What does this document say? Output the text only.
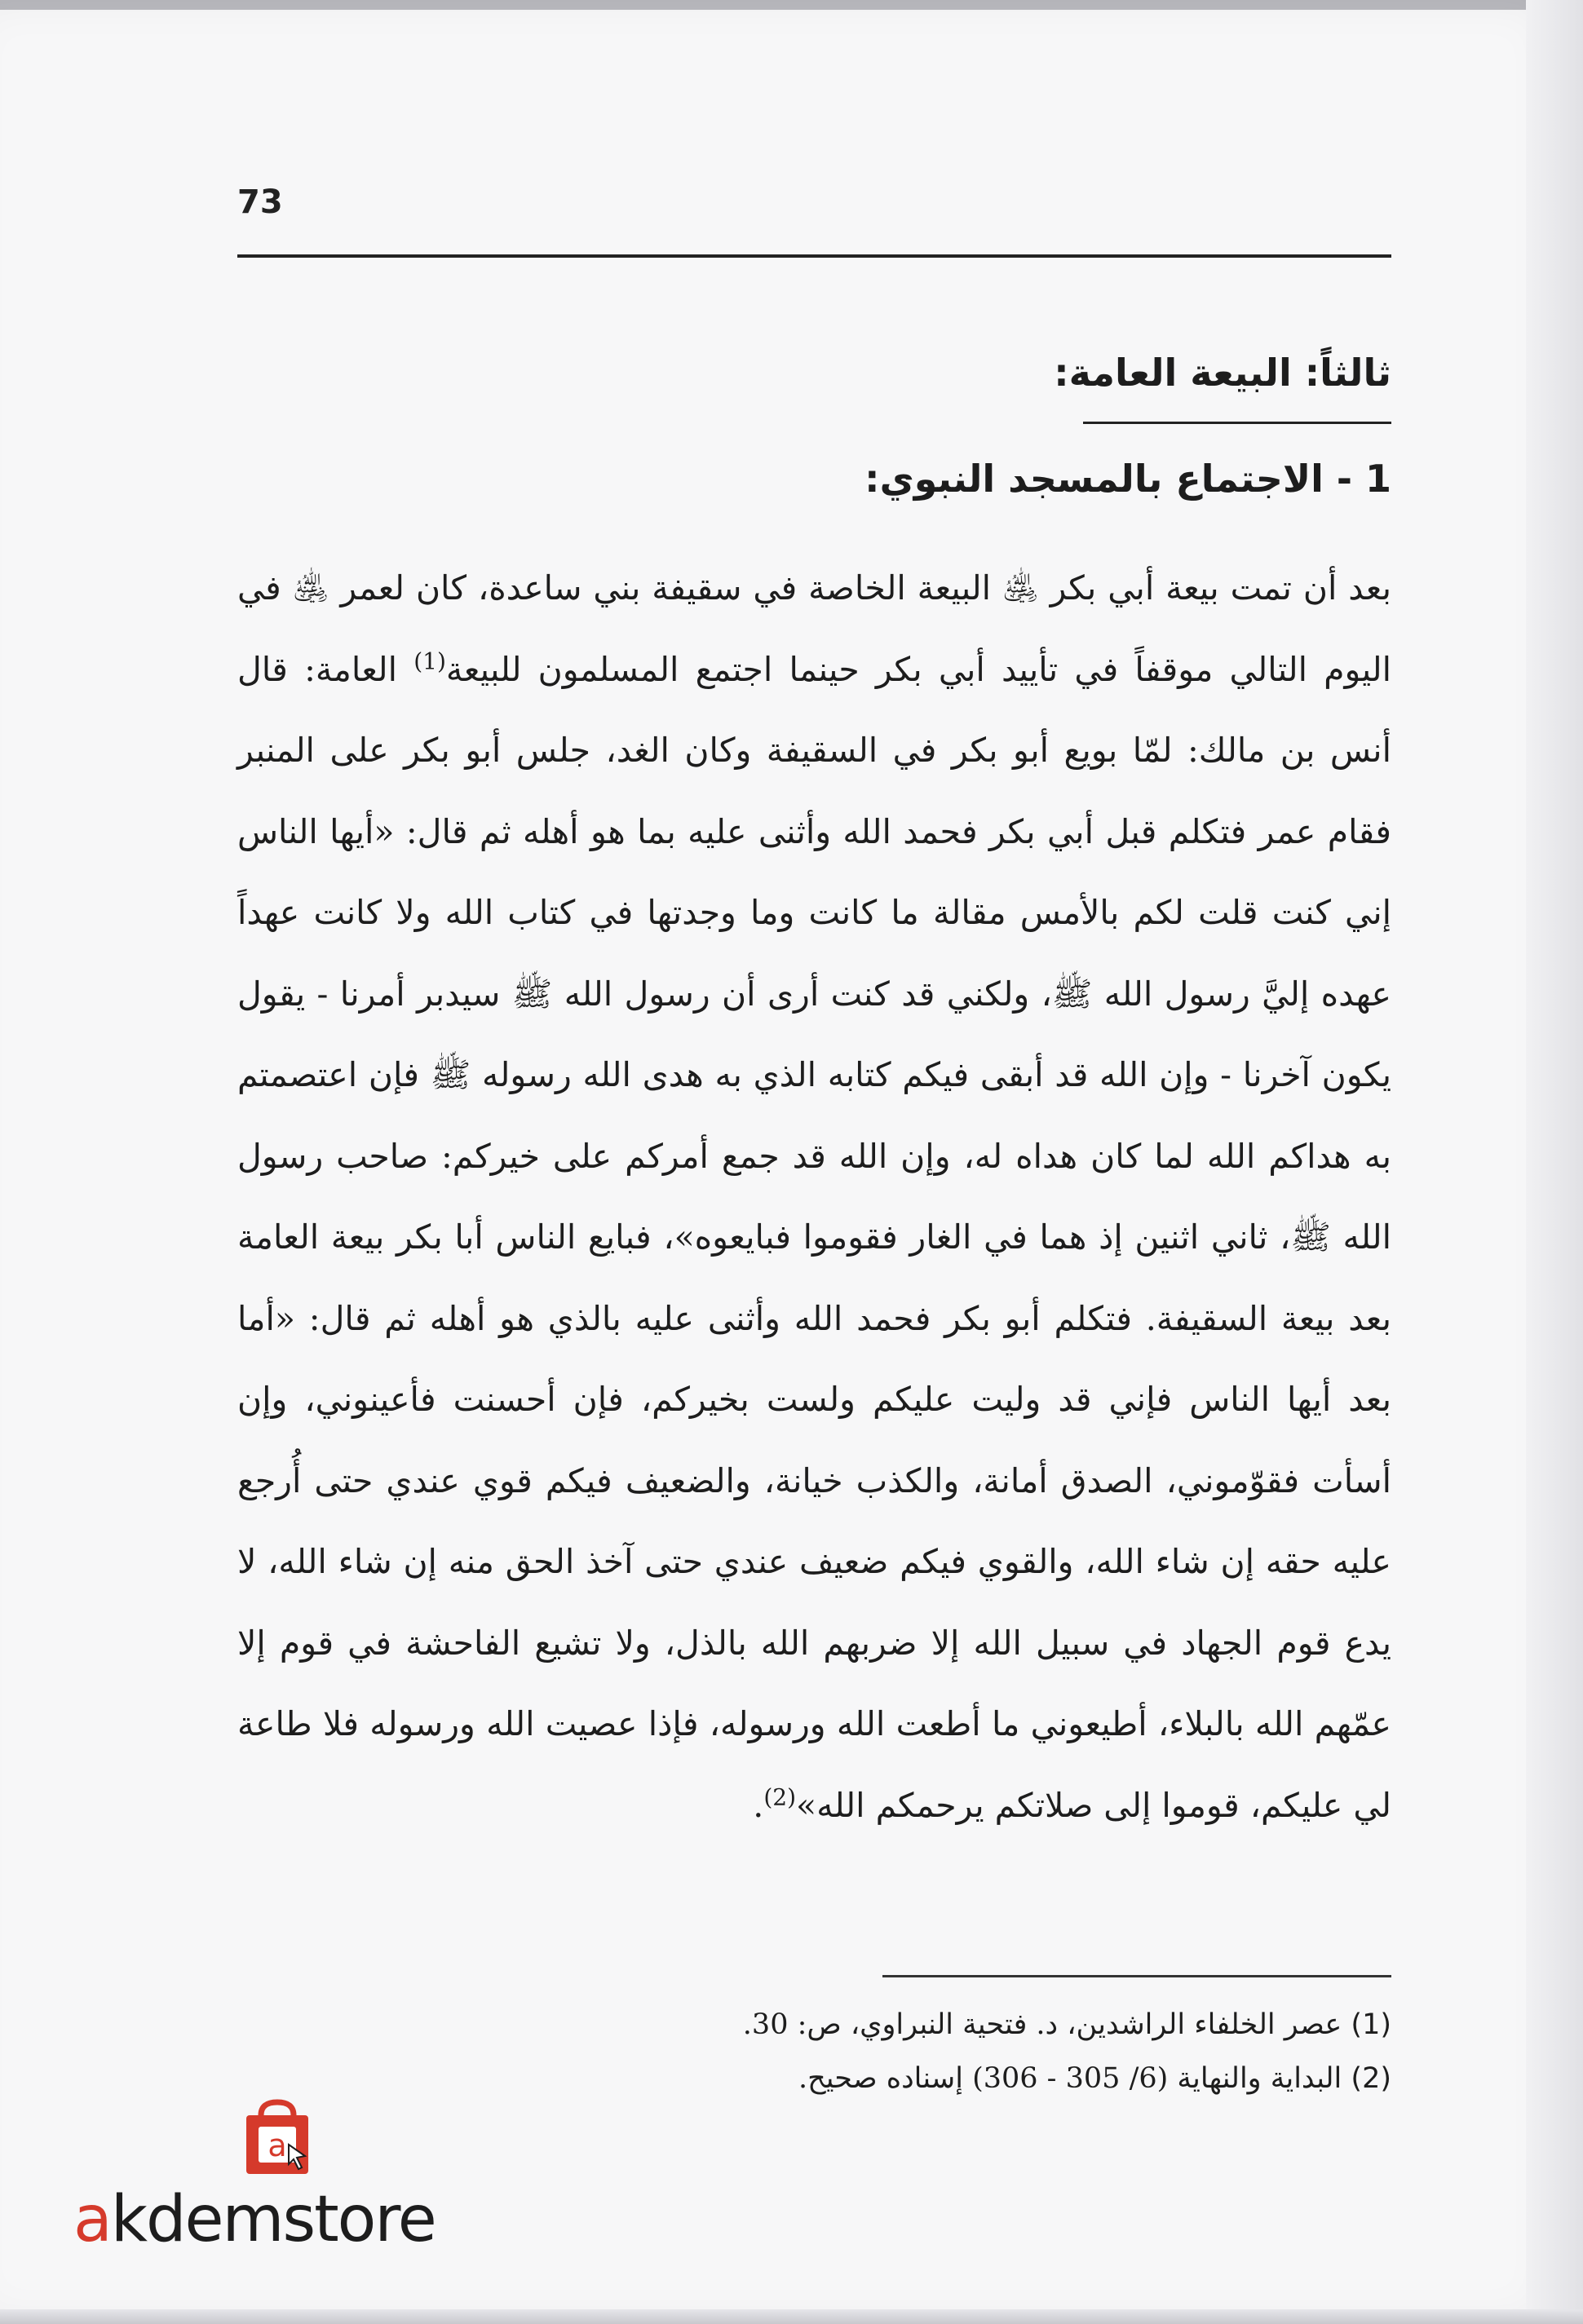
73
ثالثاً: البيعة العامة:
1 - الاجتماع بالمسجد النبوي:
بعد أن تمت بيعة أبي بكر ﵁ البيعة الخاصة في سقيفة بني ساعدة، كان لعمر ﵁ في اليوم التالي موقفاً في تأييد أبي بكر حينما اجتمع المسلمون للبيعة$^{(1)}$ العامة: قال أنس بن مالك: لمّا بويع أبو بكر في السقيفة وكان الغد، جلس أبو بكر على المنبر فقام عمر فتكلم قبل أبي بكر فحمد الله وأثنى عليه بما هو أهله ثم قال: «أيها الناس إني كنت قلت لكم بالأمس مقالة ما كانت وما وجدتها في كتاب الله ولا كانت عهداً عهده إليَّ رسول الله ﷺ، ولكني قد كنت أرى أن رسول الله ﷺ سيدبر أمرنا - يقول يكون آخرنا - وإن الله قد أبقى فيكم كتابه الذي به هدى الله رسوله ﷺ فإن اعتصمتم به هداكم الله لما كان هداه له، وإن الله قد جمع أمركم على خيركم: صاحب رسول الله ﷺ، ثاني اثنين إذ هما في الغار فقوموا فبايعوه»، فبايع الناس أبا بكر بيعة العامة بعد بيعة السقيفة. فتكلم أبو بكر فحمد الله وأثنى عليه بالذي هو أهله ثم قال: «أما بعد أيها الناس فإني قد وليت عليكم ولست بخيركم، فإن أحسنت فأعينوني، وإن أسأت فقوّموني، الصدق أمانة، والكذب خيانة، والضعيف فيكم قوي عندي حتى أُرجع عليه حقه إن شاء الله، والقوي فيكم ضعيف عندي حتى آخذ الحق منه إن شاء الله، لا يدع قوم الجهاد في سبيل الله إلا ضربهم الله بالذل، ولا تشيع الفاحشة في قوم إلا عمّهم الله بالبلاء، أطيعوني ما أطعت الله ورسوله، فإذا عصيت الله ورسوله فلا طاعة لي عليكم، قوموا إلى صلاتكم يرحمكم الله»$^{(2)}$.
(1) عصر الخلفاء الراشدين، د. فتحية النبراوي، ص: 30.
(2) البداية والنهاية (6/ 305 - 306) إسناده صحيح.
a
akdemstore
